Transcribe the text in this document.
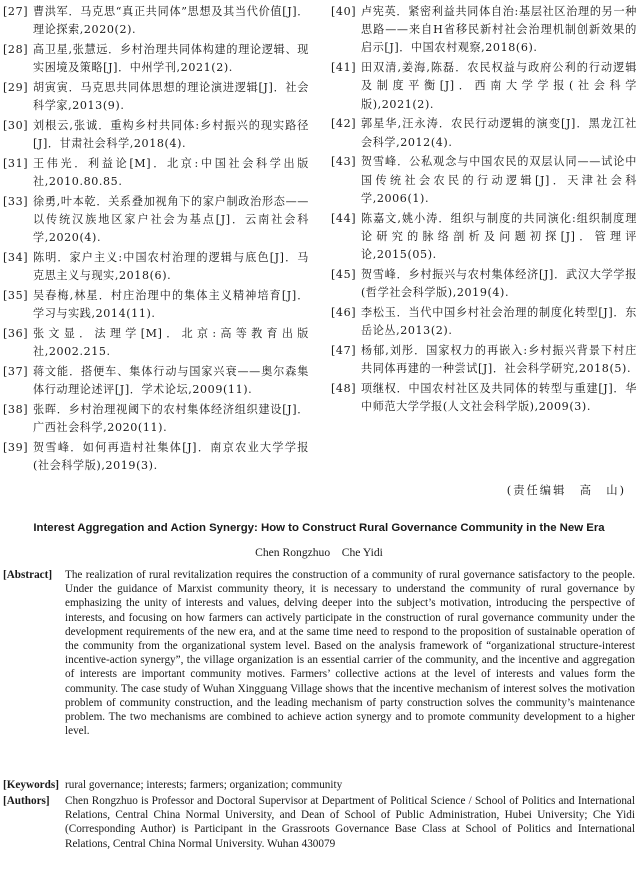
[27] 曹洪军．马克思“真正共同体”思想及其当代价值[J]．理论探索,2020(2).
[28] 高卫星,张慧远．乡村治理共同体构建的理论逻辑、现实困境及策略[J]．中州学刊,2021(2).
[29] 胡寅寅．马克思共同体思想的理论演进逻辑[J]．社会科学家,2013(9).
[30] 刘根云,张诚．重构乡村共同体:乡村振兴的现实路径[J]．甘肃社会科学,2018(4).
[31] 王伟光．利益论[M]．北京:中国社会科学出版社,2010.80.85.
[33] 徐勇,叶本乾．关系叠加视角下的家户制政治形态——以传统汉族地区家户社会为基点[J]．云南社会科学,2020(4).
[34] 陈明．家户主义:中国农村治理的逻辑与底色[J]．马克思主义与现实,2018(6).
[35] 吴春梅,林星．村庄治理中的集体主义精神培育[J]．学习与实践,2014(11).
[36] 张文显．法理学[M]．北京:高等教育出版社,2002.215.
[37] 蒋文能．搭便车、集体行动与国家兴衰——奥尔森集体行动理论述评[J]．学术论坛,2009(11).
[38] 张晖．乡村治理视阈下的农村集体经济组织建设[J]．广西社会科学,2020(11).
[39] 贺雪峰．如何再造村社集体[J]．南京农业大学学报(社会科学版),2019(3).
[40] 卢宪英．紧密利益共同体自治:基层社区治理的另一种思路——来自H省移民新村社会治理机制创新效果的启示[J]．中国农村观察,2018(6).
[41] 田双清,姜海,陈磊．农民权益与政府公利的行动逻辑及制度平衡[J]．西南大学学报(社会科学版),2021(2).
[42] 郭星华,汪永涛．农民行动逻辑的演变[J]．黑龙江社会科学,2012(4).
[43] 贺雪峰．公私观念与中国农民的双层认同——试论中国传统社会农民的行动逻辑[J]．天津社会科学,2006(1).
[44] 陈嘉文,姚小涛．组织与制度的共同演化:组织制度理论研究的脉络剖析及问题初探[J]．管理评论,2015(05).
[45] 贺雪峰．乡村振兴与农村集体经济[J]．武汉大学学报(哲学社会科学版),2019(4).
[46] 李松玉．当代中国乡村社会治理的制度化转型[J]．东岳论丛,2013(2).
[47] 杨郁,刘彤．国家权力的再嵌入:乡村振兴背景下村庄共同体再建的一种尝试[J]．社会科学研究,2018(5).
[48] 项继权．中国农村社区及共同体的转型与重建[J]．华中师范大学学报(人文社会科学版),2009(3).
(责任编辑　高　山)
Interest Aggregation and Action Synergy: How to Construct Rural Governance Community in the New Era
Chen Rongzhuo　Che Yidi
[Abstract]	The realization of rural revitalization requires the construction of a community of rural governance satisfactory to the people. Under the guidance of Marxist community theory, it is necessary to understand the community of rural governance by emphasizing the unity of interests and values, delving deeper into the subject’s motivation, introducing the perspective of interests, and focusing on how farmers can actively participate in the construction of rural governance community under the development requirements of the new era, and at the same time need to respond to the proposition of sustainable operation of the community from the organizational system level. Based on the analysis framework of “organizational structure-interest incentive-action synergy”, the village organization is an essential carrier of the community, and the incentive and aggregation of interests are important community motives. Farmers’ collective actions at the level of interests and values form the community. The case study of Wuhan Xingguang Village shows that the incentive mechanism of interest solves the motivation problem of community construction, and the leading mechanism of party construction solves the community’s maintenance problem. The two mechanisms are combined to achieve action synergy and to promote community development to a higher level.
[Keywords] rural governance; interests; farmers; organization; community
[Authors]	Chen Rongzhuo is Professor and Doctoral Supervisor at Department of Political Science / School of Politics and International Relations, Central China Normal University, and Dean of School of Public Administration, Hubei University; Che Yidi (Corresponding Author) is Participant in the Grassroots Governance Base Class at School of Politics and International Relations, Central China Normal University. Wuhan 430079
